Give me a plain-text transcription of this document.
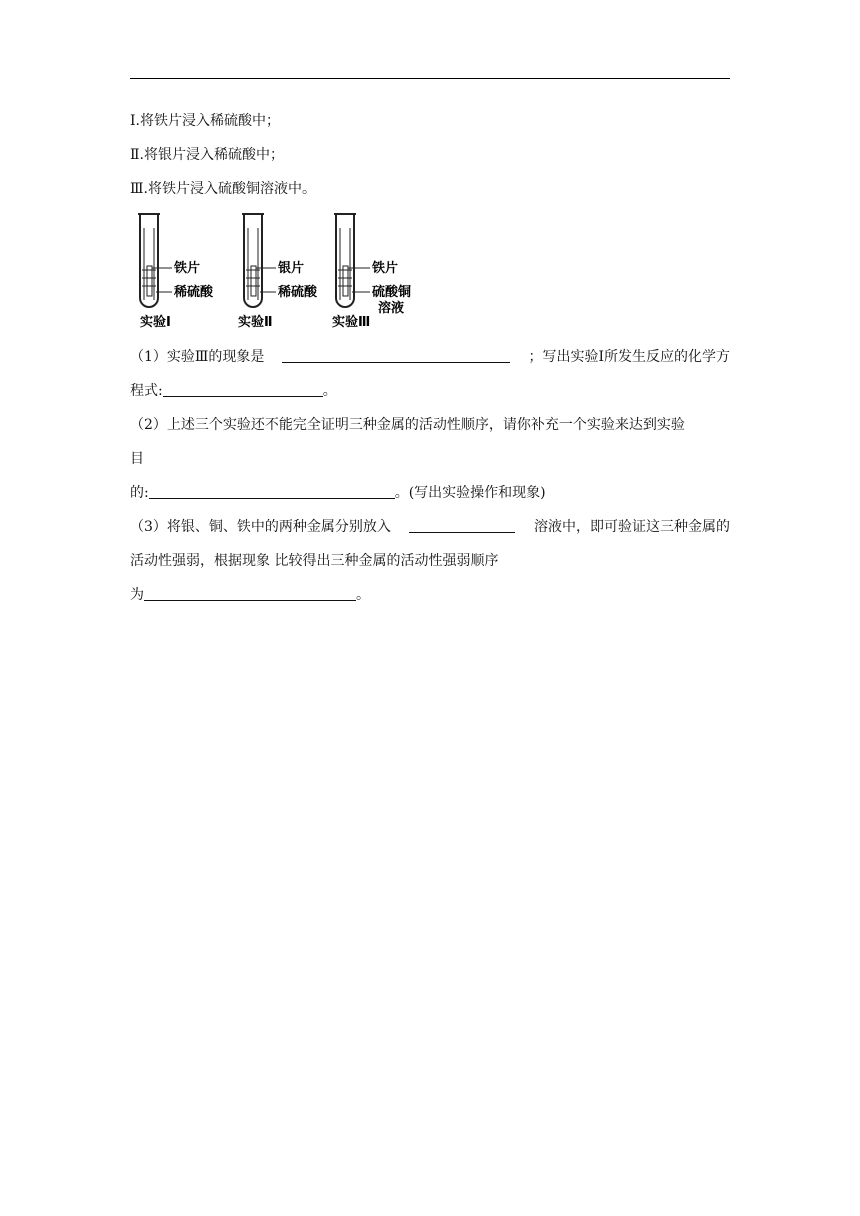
Ⅰ.将铁片浸入稀硫酸中；
Ⅱ.将银片浸入稀硫酸中；
Ⅲ.将铁片浸入硫酸铜溶液中。
铁片
稀硫酸
实验Ⅰ
银片
稀硫酸
实验Ⅱ
铁片
硫酸铜
溶液
实验Ⅲ
（1）实验Ⅲ的现象是	；写出实验Ⅰ所发生反应的化学方
程式:	。
（2）上述三个实验还不能完全证明三种金属的活动性顺序，请你补充一个实验来达到实验
目
的:	。(写出实验操作和现象)
（3）将银、铜、铁中的两种金属分别放入	溶液中，即可验证这三种金属的
活动性强弱，根据现象 比较得出三种金属的活动性强弱顺序
为	。
